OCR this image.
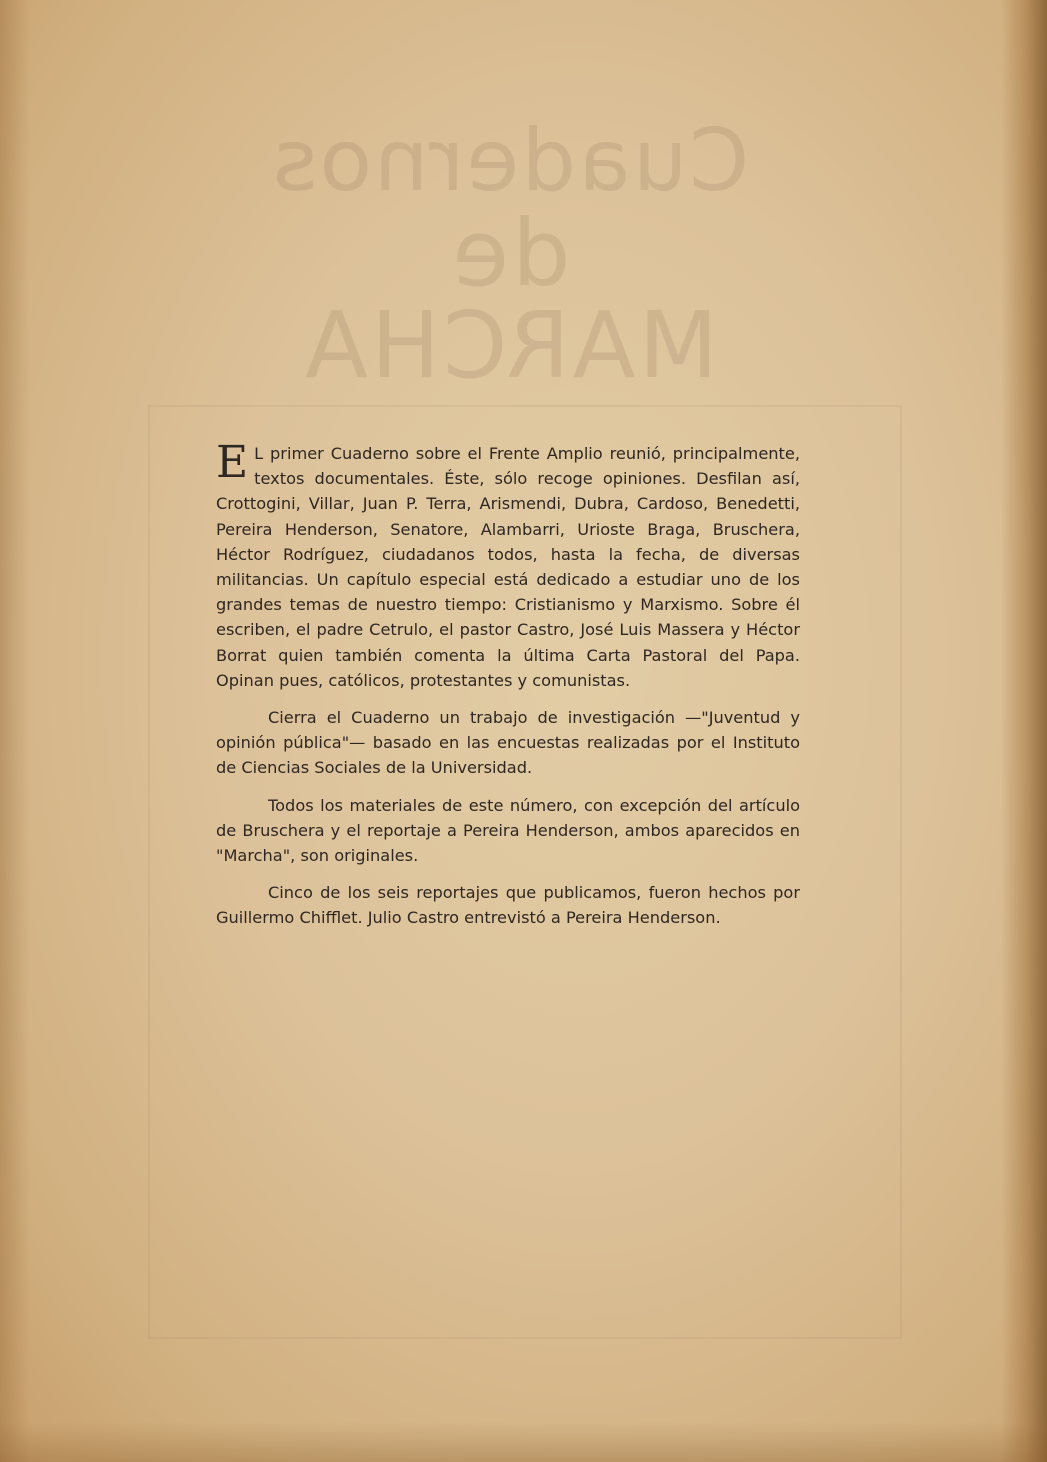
Cuadernos
de MARCHA

E L primer Cuaderno sobre el Frente Amplio reunió, principalmente, textos documentales. Éste, sólo recoge opiniones. Desfilan así, Crottogini, Villar, Juan P. Terra, Arismendi, Dubra, Cardoso, Benedetti, Pereira Henderson, Senatore, Alambarri, Urioste Braga, Bruschera, Héctor Rodríguez, ciudadanos todos, hasta la fecha, de diversas militancias. Un capítulo especial está dedicado a estudiar uno de los grandes temas de nuestro tiempo: Cristianismo y Marxismo. Sobre él escriben, el padre Cetrulo, el pastor Castro, José Luis Massera y Héctor Borrat quien también comenta la última Carta Pastoral del Papa. Opinan pues, católicos, protestantes y comunistas.

Cierra el Cuaderno un trabajo de investigación —"Juventud y opinión pública"— basado en las encuestas realizadas por el Instituto de Ciencias Sociales de la Universidad.

Todos los materiales de este número, con excepción del artículo de Bruschera y el reportaje a Pereira Henderson, ambos aparecidos en "Marcha", son originales.

Cinco de los seis reportajes que publicamos, fueron hechos por Guillermo Chifflet. Julio Castro entrevistó a Pereira Henderson.
